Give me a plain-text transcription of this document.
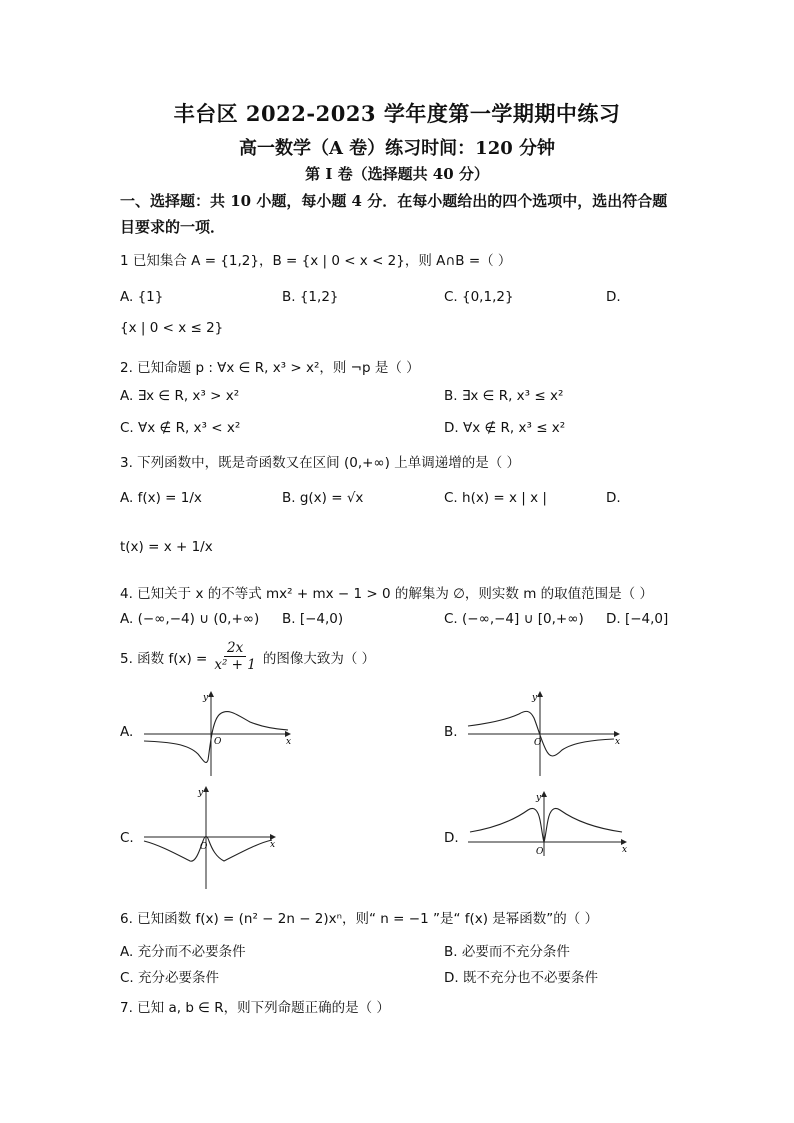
丰台区 2022-2023 学年度第一学期期中练习
高一数学（A 卷）练习时间：120 分钟
第 I 卷（选择题共 40 分）
一、选择题：共 10 小题，每小题 4 分．在每小题给出的四个选项中，选出符合题目要求的一项．
1 已知集合 A = {1,2}，B = {x | 0 < x < 2}，则 A∩B =（ ）
A. {1}	B. {1,2}	C. {0,1,2}	D.
{x | 0 < x ≤ 2}
2. 已知命题 p : ∀x ∈ R, x³ > x²，则 ¬p 是（ ）
A. ∃x ∈ R, x³ > x²	B. ∃x ∈ R, x³ ≤ x²
C. ∀x ∉ R, x³ < x²	D. ∀x ∉ R, x³ ≤ x²
3. 下列函数中，既是奇函数又在区间 (0,+∞) 上单调递增的是（ ）
A. f(x) = 1/x	B. g(x) = √x	C. h(x) = x | x |	D.
t(x) = x + 1/x
4. 已知关于 x 的不等式 mx² + mx − 1 > 0 的解集为 ∅，则实数 m 的取值范围是（ ）
A. (−∞,−4) ∪ (0,+∞) B. [−4,0)	C. (−∞,−4] ∪ [0,+∞) D. [−4,0]
5. 函数 $f(x) = \frac{2x}{\text{x² + 1}}$ 的图像大致为（ ）
A.	B.
C.	D.
y
x
O
y
x
O
y
x
O
y
x
O
6. 已知函数 f(x) = (n² − 2n − 2)xⁿ，则“ n = −1 ”是“ f(x) 是幂函数”的（ ）
A. 充分而不必要条件	B. 必要而不充分条件
C. 充分必要条件	D. 既不充分也不必要条件
7. 已知 a, b ∈ R，则下列命题正确的是（ ）
